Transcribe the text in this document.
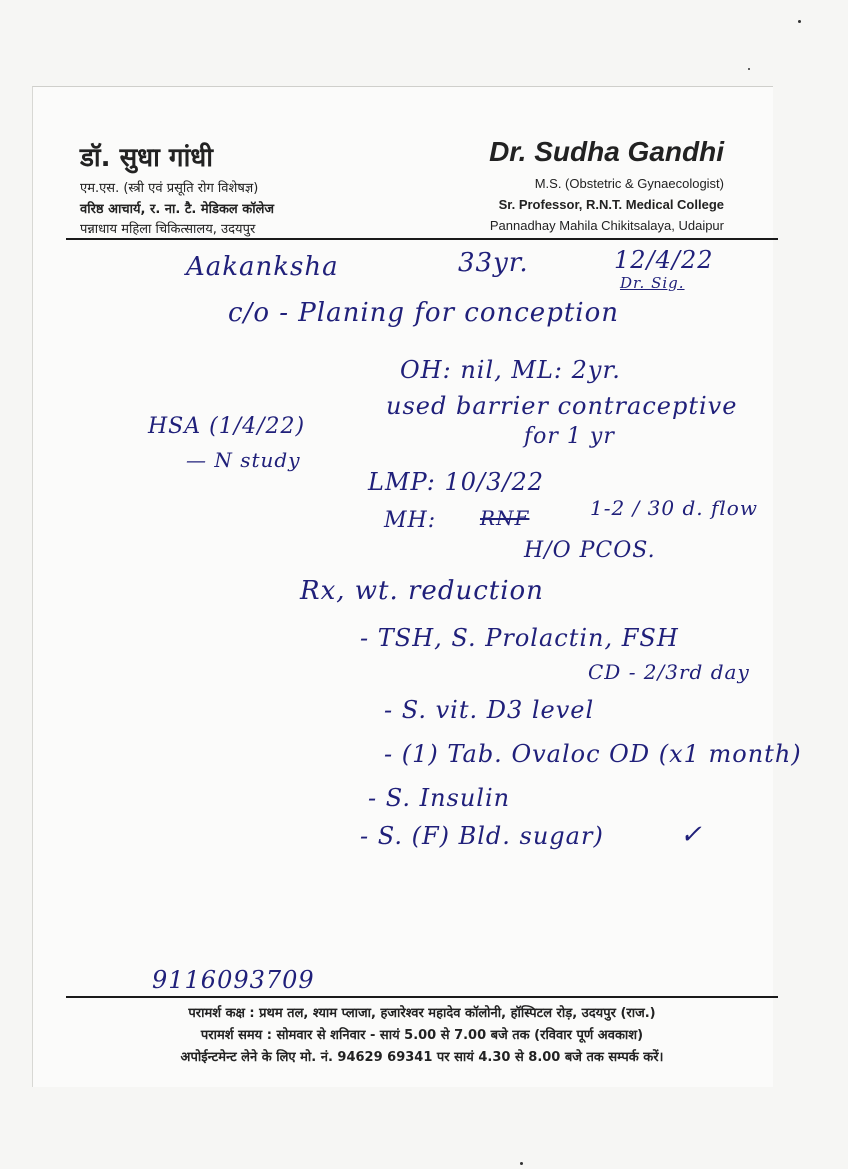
डॉ. सुधा गांधी
एम.एस. (स्त्री एवं प्रसूति रोग विशेषज्ञ)
वरिष्ठ आचार्य, र. ना. टै. मेडिकल कॉलेज
पन्नाधाय महिला चिकित्सालय, उदयपुर
Dr. Sudha Gandhi
M.S. (Obstetric & Gynaecologist)
Sr. Professor, R.N.T. Medical College
Pannadhay Mahila Chikitsalaya, Udaipur
Aakanksha	33yr.	12/4/22
Dr. Sig.
c/o - Planing for conception
OH: nil, ML: 2yr.
used barrier contraceptive
for 1 yr
HSA (1/4/22)
— N study
LMP: 10/3/22
MH: RNF	1-2 / 30 d. flow
H/O PCOS.
Rx, wt. reduction
- TSH, S. Prolactin, FSH
CD - 2/3rd day
- S. vit. D3 level
- (1) Tab. Ovaloc OD (x1 month)
- S. Insulin
- S. (F) Bld. sugar)	✓
9116093709
परामर्श कक्ष : प्रथम तल, श्याम प्लाजा, हजारेश्वर महादेव कॉलोनी, हॉस्पिटल रोड़, उदयपुर (राज.)
परामर्श समय : सोमवार से शनिवार - सायं 5.00 से 7.00 बजे तक (रविवार पूर्ण अवकाश)
अपोईन्टमेन्ट लेने के लिए मो. नं. 94629 69341 पर सायं 4.30 से 8.00 बजे तक सम्पर्क करें।
